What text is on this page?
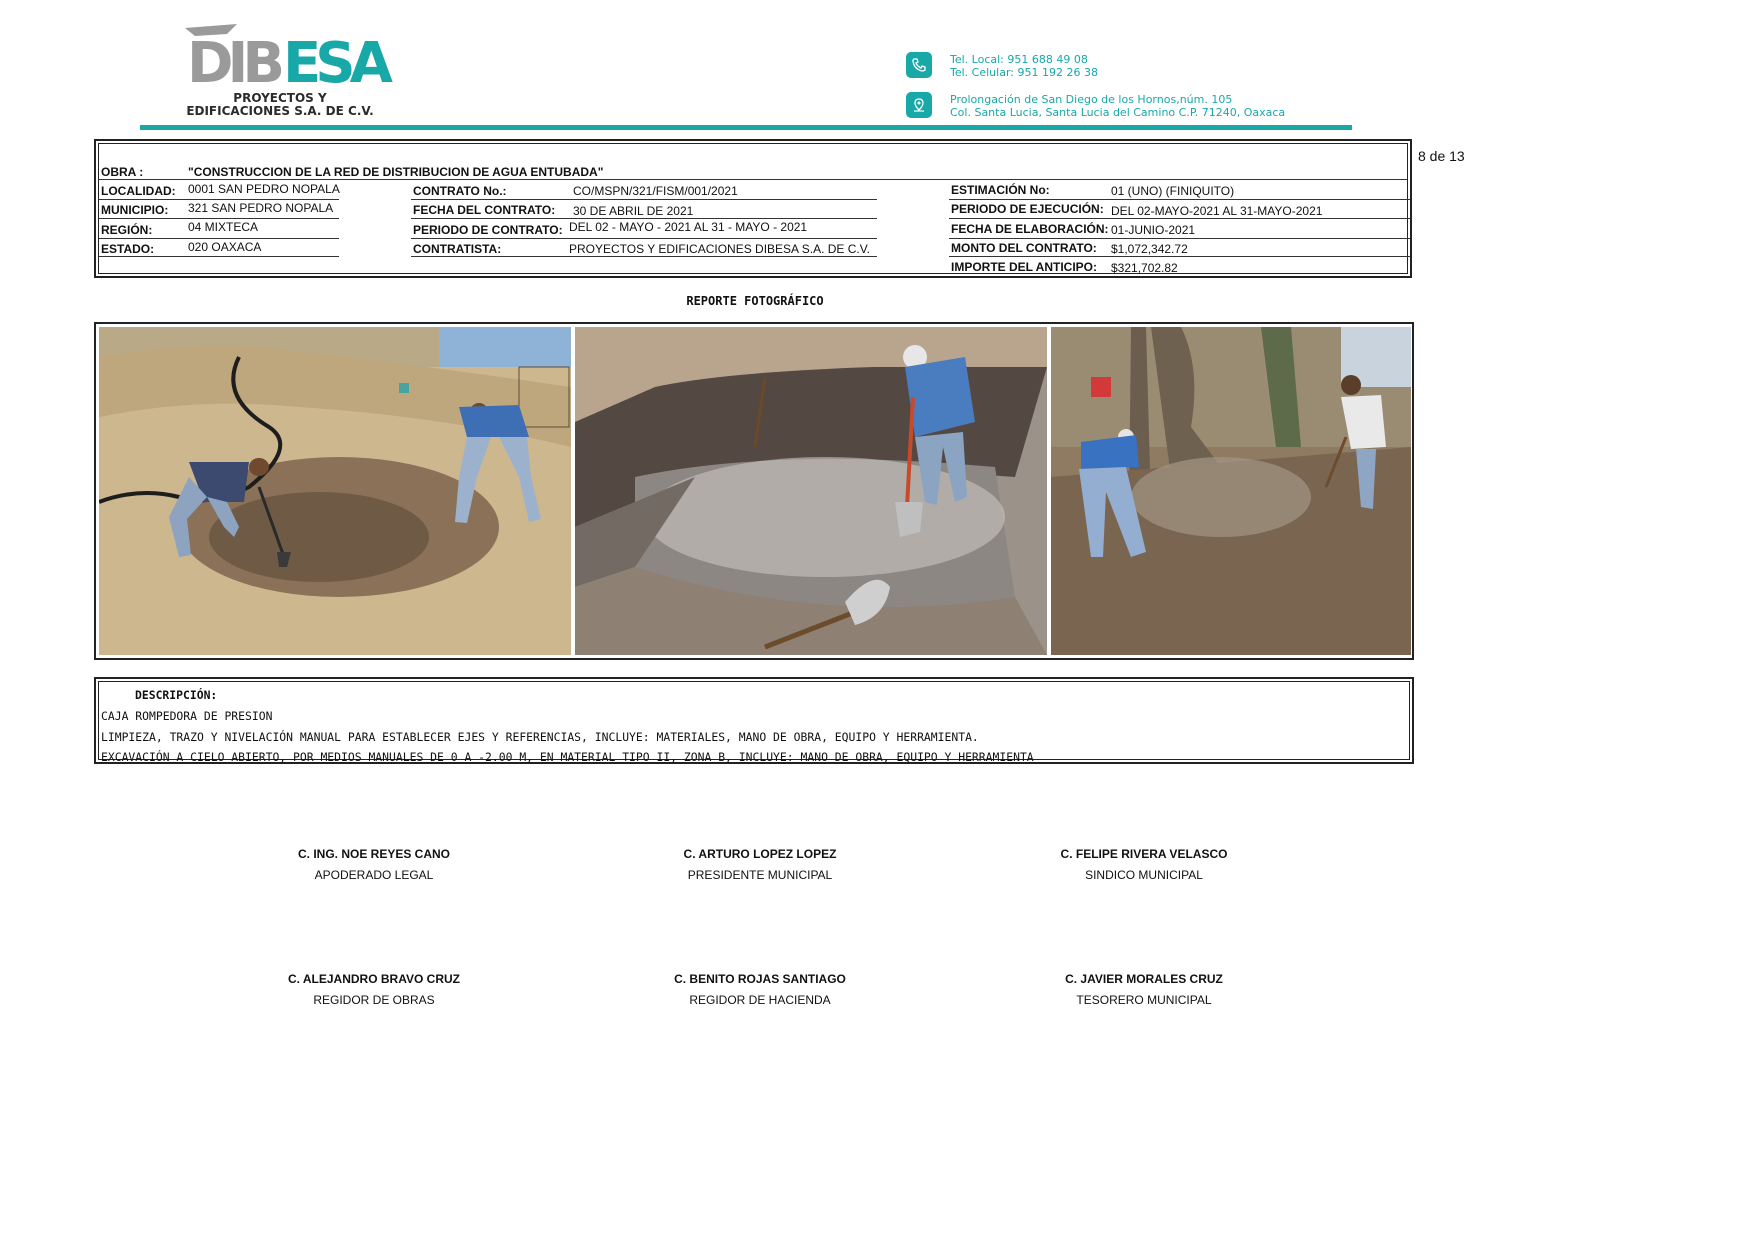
DIB ESA
PROYECTOS Y
EDIFICACIONES S.A. DE C.V.
Tel. Local: 951 688 49 08
Tel. Celular: 951 192 26 38
Prolongación de San Diego de los Hornos,núm. 105
Col. Santa Lucia, Santa Lucia del Camino C.P. 71240, Oaxaca
8 de 13
OBRA :	"CONSTRUCCION DE LA RED DE DISTRIBUCION DE AGUA ENTUBADA"
LOCALIDAD: 0001 SAN PEDRO NOPALA
MUNICIPIO: 321 SAN PEDRO NOPALA
REGIÓN:	04 MIXTECA
ESTADO:	020 OAXACA
CONTRATO No.:	CO/MSPN/321/FISM/001/2021
FECHA DEL CONTRATO: 30 DE ABRIL DE 2021
PERIODO DE CONTRATO: DEL 02 - MAYO - 2021 AL 31 - MAYO - 2021
CONTRATISTA:	PROYECTOS Y EDIFICACIONES DIBESA S.A. DE C.V.
ESTIMACIÓN No:	01 (UNO) (FINIQUITO)
PERIODO DE EJECUCIÓN: DEL 02-MAYO-2021 AL 31-MAYO-2021
FECHA DE ELABORACIÓN: 01-JUNIO-2021
MONTO DEL CONTRATO: $1,072,342.72
IMPORTE DEL ANTICIPO: $321,702.82
REPORTE FOTOGRÁFICO
DESCRIPCIÓN:
CAJA ROMPEDORA DE PRESION
LIMPIEZA, TRAZO Y NIVELACIÓN MANUAL PARA ESTABLECER EJES Y REFERENCIAS, INCLUYE: MATERIALES, MANO DE OBRA, EQUIPO Y HERRAMIENTA.
EXCAVACIÓN A CIELO ABIERTO, POR MEDIOS MANUALES DE 0 A -2.00 M, EN MATERIAL TIPO II, ZONA B, INCLUYE: MANO DE OBRA, EQUIPO Y HERRAMIENTA
C. ING. NOE REYES CANO
APODERADO LEGAL
C. ARTURO LOPEZ LOPEZ
PRESIDENTE MUNICIPAL
C. FELIPE RIVERA VELASCO
SINDICO MUNICIPAL
C. ALEJANDRO BRAVO CRUZ
REGIDOR DE OBRAS
C. BENITO ROJAS SANTIAGO
REGIDOR DE HACIENDA
C. JAVIER MORALES CRUZ
TESORERO MUNICIPAL
